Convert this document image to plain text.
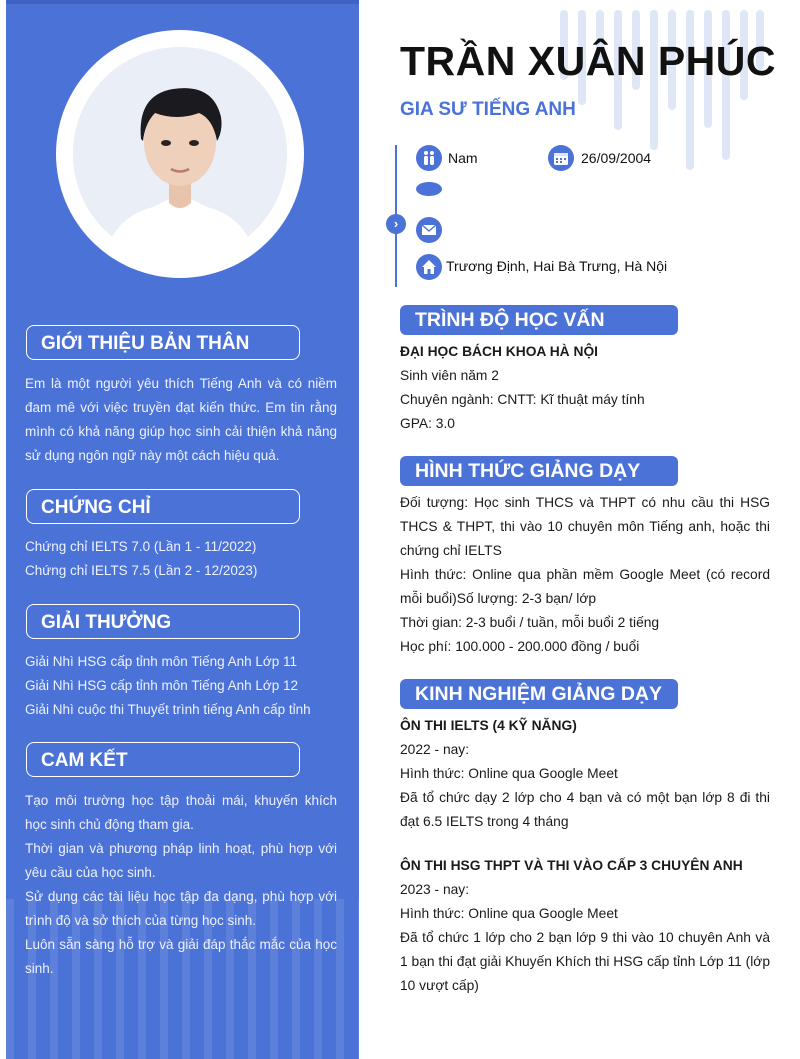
GIỚI THIỆU BẢN THÂN

Em là một người yêu thích Tiếng Anh và có niềm đam mê với việc truyền đạt kiến thức. Em tin rằng mình có khả năng giúp học sinh cải thiện khả năng sử dụng ngôn ngữ này một cách hiệu quả.

CHỨNG CHỈ

Chứng chỉ IELTS 7.0 (Lần 1 - 11/2022)

Chứng chỉ IELTS 7.5 (Lần 2 - 12/2023)

GIẢI THƯỞNG

Giải Nhì HSG cấp tỉnh môn Tiếng Anh Lớp 11

Giải Nhì HSG cấp tỉnh môn Tiếng Anh Lớp 12

Giải Nhì cuộc thi Thuyết trình tiếng Anh cấp tỉnh

CAM KẾT

Tạo môi trường học tập thoải mái, khuyến khích học sinh chủ động tham gia.

Thời gian và phương pháp linh hoạt, phù hợp với yêu cầu của học sinh.

Sử dụng các tài liệu học tập đa dạng, phù hợp với trình độ và sở thích của từng học sinh.

Luôn sẵn sàng hỗ trợ và giải đáp thắc mắc của học sinh.

TRẦN XUÂN PHÚC
GIA SƯ TIẾNG ANH
›
Nam	26/09/2004
Trương Định, Hai Bà Trưng, Hà Nội
TRÌNH ĐỘ HỌC VẤN

ĐẠI HỌC BÁCH KHOA HÀ NỘI

Sinh viên năm 2

Chuyên ngành: CNTT: Kĩ thuật máy tính

GPA: 3.0

HÌNH THỨC GIẢNG DẠY

Đối tượng: Học sinh THCS và THPT có nhu cầu thi HSG THCS & THPT, thi vào 10 chuyên môn Tiếng anh, hoặc thi chứng chỉ IELTS

Hình thức: Online qua phần mềm Google Meet (có record mỗi buổi)Số lượng: 2-3 bạn/ lớp

Thời gian: 2-3 buổi / tuần, mỗi buổi 2 tiếng

Học phí: 100.000 - 200.000 đồng / buổi

KINH NGHIỆM GIẢNG DẠY

ÔN THI IELTS (4 KỸ NĂNG)

2022 - nay:

Hình thức: Online qua Google Meet

Đã tổ chức dạy 2 lớp cho 4 bạn và có một bạn lớp 8 đi thi đạt 6.5 IELTS trong 4 tháng

ÔN THI HSG THPT VÀ THI VÀO CẤP 3 CHUYÊN ANH

2023 - nay:

Hình thức: Online qua Google Meet

Đã tổ chức 1 lớp cho 2 bạn lớp 9 thi vào 10 chuyên Anh và 1 bạn thi đạt giải Khuyến Khích thi HSG cấp tỉnh Lớp 11 (lớp 10 vượt cấp)
